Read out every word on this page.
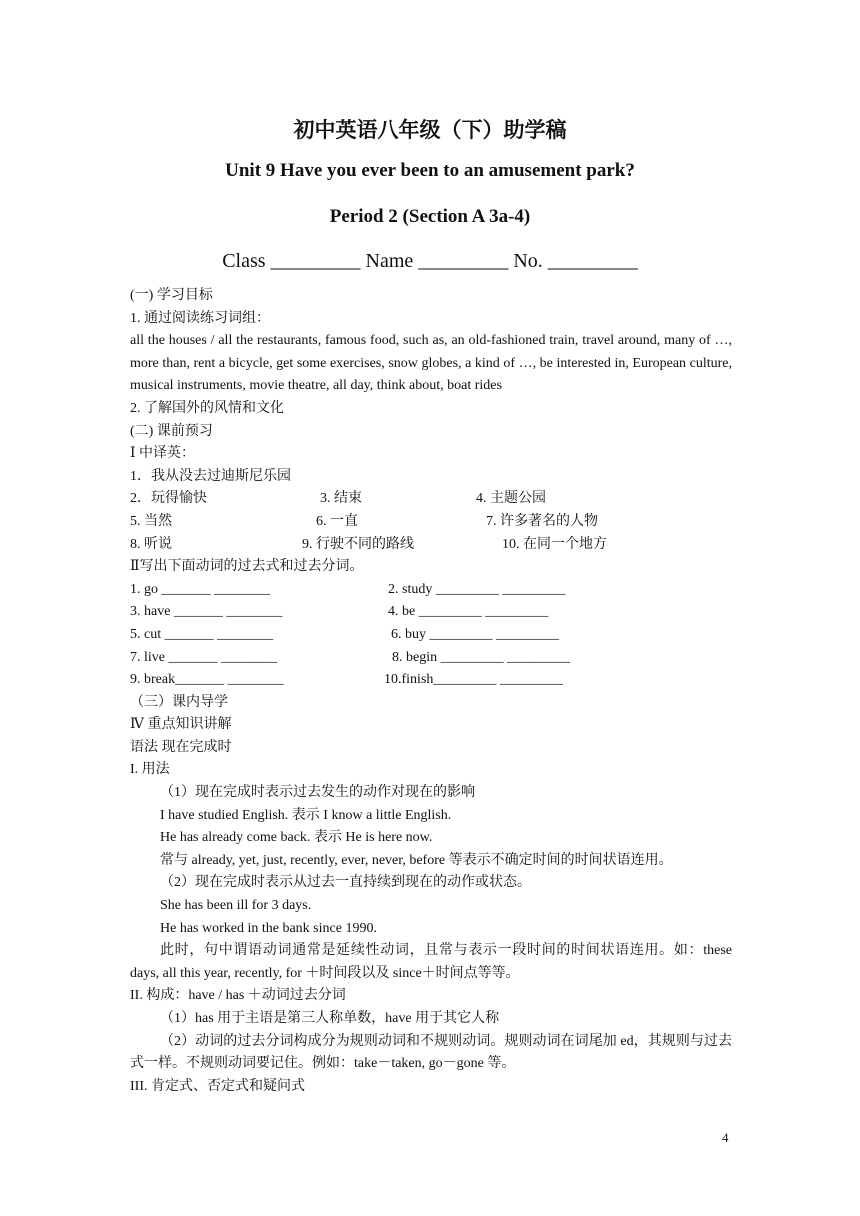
初中英语八年级（下）助学稿
Unit 9 Have you ever been to an amusement park?
Period 2 (Section A 3a-4)
Class _________ Name _________ No. _________
(一) 学习目标
1. 通过阅读练习词组：
all the houses / all the restaurants, famous food, such as, an old-fashioned train, travel around, many of …, more than, rent a bicycle, get some exercises, snow globes, a kind of …, be interested in, European culture, musical instruments, movie theatre, all day, think about, boat rides
2. 了解国外的风情和文化
(二) 课前预习
Ⅰ 中译英：
1．我从没去过迪斯尼乐园
2．玩得愉快	3. 结束	4. 主题公园
5. 当然	6. 一直	7. 许多著名的人物
8. 听说	9. 行驶不同的路线	10. 在同一个地方
Ⅱ写出下面动词的过去式和过去分词。
1. go _______ ________	2. study _________ _________
3. have _______ ________	4. be _________ _________
5. cut _______ ________	6. buy _________ _________
7. live _______ ________	8. begin _________ _________
9. break_______ ________	10.finish_________ _________
（三）课内导学
Ⅳ 重点知识讲解
语法 现在完成时
I. 用法
（1）现在完成时表示过去发生的动作对现在的影响
I have studied English. 表示 I know a little English.
He has already come back. 表示 He is here now.
常与 already, yet, just, recently, ever, never, before 等表示不确定时间的时间状语连用。
（2）现在完成时表示从过去一直持续到现在的动作或状态。
She has been ill for 3 days.
He has worked in the bank since 1990.
此时，句中谓语动词通常是延续性动词，且常与表示一段时间的时间状语连用。如：these days, all this year, recently, for ＋时间段以及 since＋时间点等等。
II. 构成：have / has ＋动词过去分词
（1）has 用于主语是第三人称单数，have 用于其它人称
（2）动词的过去分词构成分为规则动词和不规则动词。规则动词在词尾加 ed，其规则与过去式一样。不规则动词要记住。例如：take－taken, go－gone 等。
III. 肯定式、否定式和疑问式
4
